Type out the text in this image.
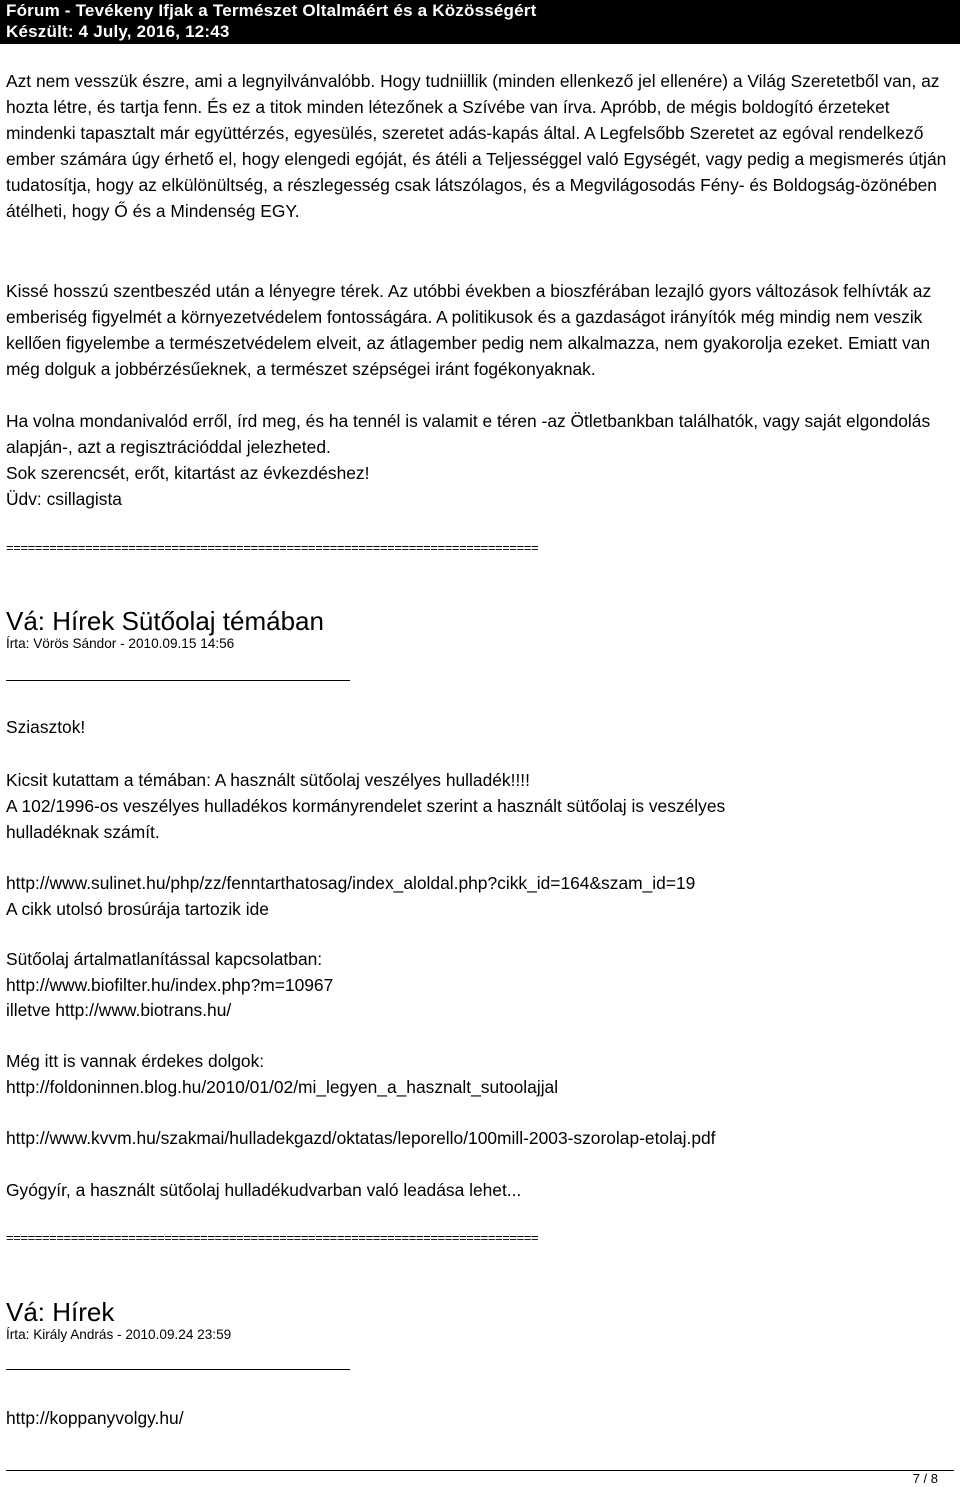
Fórum - Tevékeny Ifjak a Természet Oltalmáért és a Közösségért
Készült: 4 July, 2016, 12:43

Azt nem vesszük észre, ami a legnyilvánvalóbb. Hogy tudniillik (minden ellenkező jel ellenére) a Világ Szeretetből van, az hozta létre, és tartja fenn. És ez a titok minden létezőnek a Szívébe van írva. Apróbb, de mégis boldogító érzeteket mindenki tapasztalt már együttérzés, egyesülés, szeretet adás-kapás által. A Legfelsőbb Szeretet az egóval rendelkező ember számára úgy érhető el, hogy elengedi egóját, és átéli a Teljességgel való Egységét, vagy pedig a megismerés útján tudatosítja, hogy az elkülönültség, a részlegesség csak látszólagos, és a Megvilágosodás Fény- és Boldogság-özönében átélheti, hogy Ő és a Mindenség EGY.

Kissé hosszú szentbeszéd után a lényegre térek. Az utóbbi években a bioszférában lezajló gyors változások felhívták az emberiség figyelmét a környezetvédelem fontosságára. A politikusok és a gazdaságot irányítók még mindig nem veszik kellően figyelembe a természetvédelem elveit, az átlagember pedig nem alkalmazza, nem gyakorolja ezeket. Emiatt van még dolguk a jobbérzésűeknek, a természet szépségei iránt fogékonyaknak.

Ha volna mondanivalód erről, írd meg, és ha tennél is valamit e téren -az Ötletbankban találhatók, vagy saját elgondolás alapján-, azt a regisztrációddal jelezheted.

Sok szerencsét, erőt, kitartást az évkezdéshez!

Üdv: csillagista

==========================================================================
Vá: Hírek Sütőolaj témában
Írta: Vörös Sándor - 2010.09.15 14:56
Sziasztok!
Kicsit kutattam a témában: A használt sütőolaj veszélyes hulladék!!!!
A 102/1996-os veszélyes hulladékos kormányrendelet szerint a használt sütőolaj is veszélyes
hulladéknak számít.
http://www.sulinet.hu/php/zz/fenntarthatosag/index_aloldal.php?cikk_id=164&szam_id=19
A cikk utolsó brosúrája tartozik ide
Sütőolaj ártalmatlanítással kapcsolatban:
http://www.biofilter.hu/index.php?m=10967
illetve http://www.biotrans.hu/
Még itt is vannak érdekes dolgok:
http://foldoninnen.blog.hu/2010/01/02/mi_legyen_a_hasznalt_sutoolajjal
http://www.kvvm.hu/szakmai/hulladekgazd/oktatas/leporello/100mill-2003-szorolap-etolaj.pdf
Gyógyír, a használt sütőolaj hulladékudvarban való leadása lehet...
==========================================================================
Vá: Hírek
Írta: Király András - 2010.09.24 23:59
http://koppanyvolgy.hu/
7 / 8
